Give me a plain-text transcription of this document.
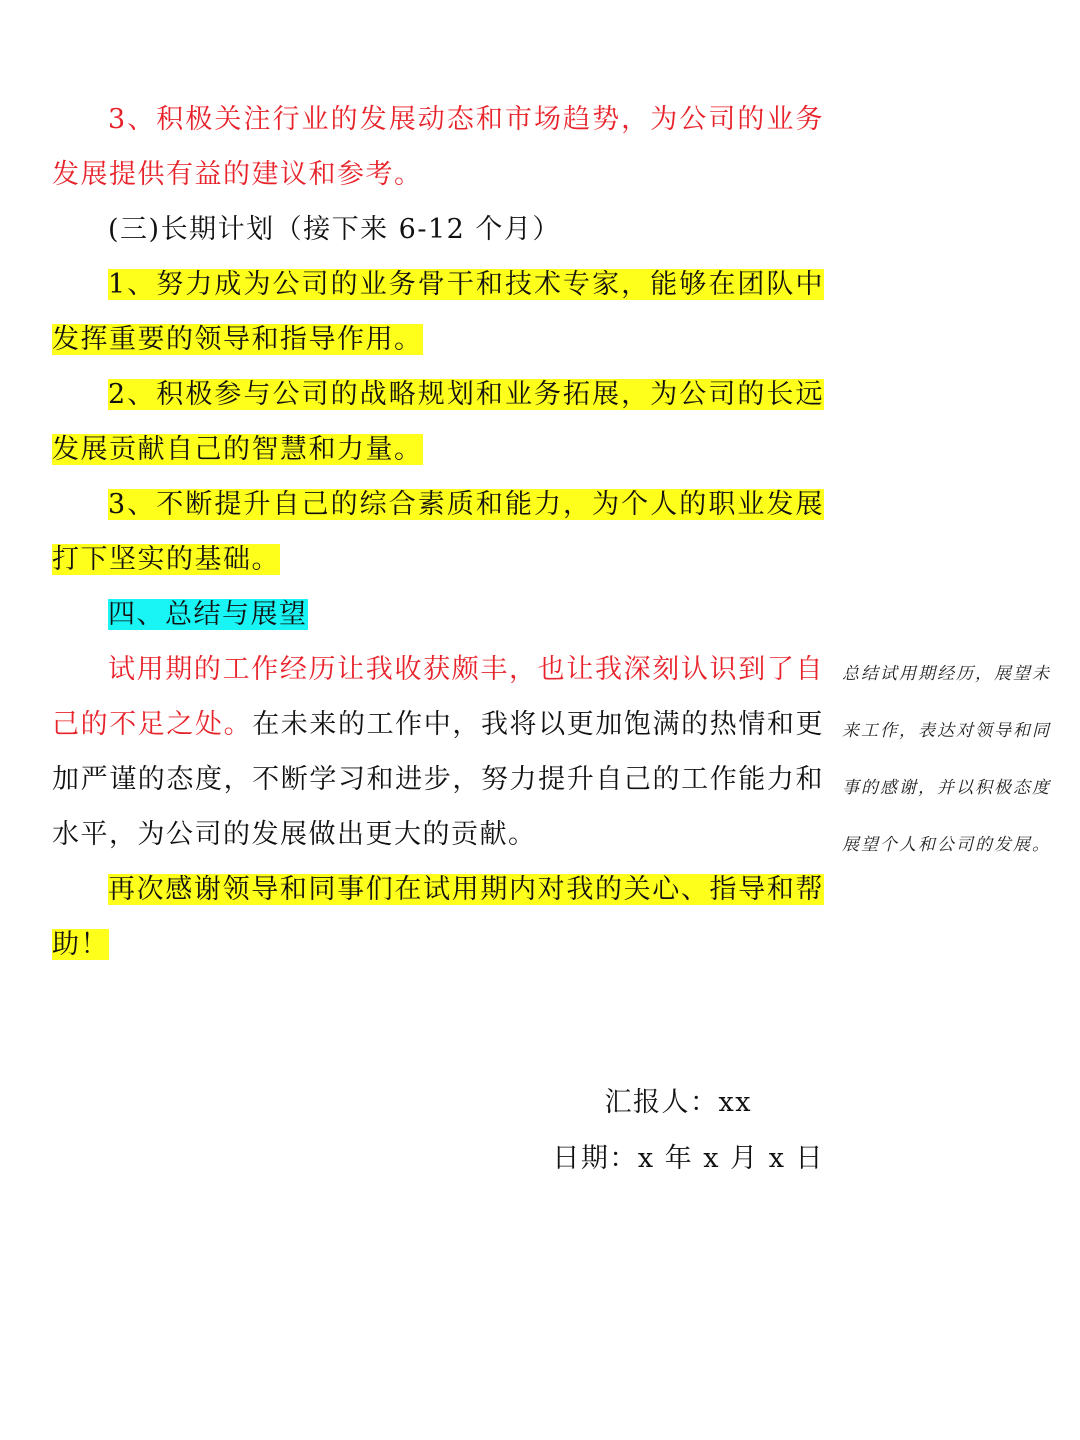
3、积极关注行业的发展动态和市场趋势，为公司的业务发展提供有益的建议和参考。

(三)长期计划（接下来 6-12 个月）

1、努力成为公司的业务骨干和技术专家，能够在团队中发挥重要的领导和指导作用。

2、积极参与公司的战略规划和业务拓展，为公司的长远发展贡献自己的智慧和力量。

3、不断提升自己的综合素质和能力，为个人的职业发展打下坚实的基础。

四、总结与展望

试用期的工作经历让我收获颇丰，也让我深刻认识到了自己的不足之处。在未来的工作中，我将以更加饱满的热情和更加严谨的态度，不断学习和进步，努力提升自己的工作能力和水平，为公司的发展做出更大的贡献。

再次感谢领导和同事们在试用期内对我的关心、指导和帮助！

总结试用期经历，展望未来工作，表达对领导和同事的感谢，并以积极态度展望个人和公司的发展。
汇报人：xx
日期：x 年 x 月 x 日
